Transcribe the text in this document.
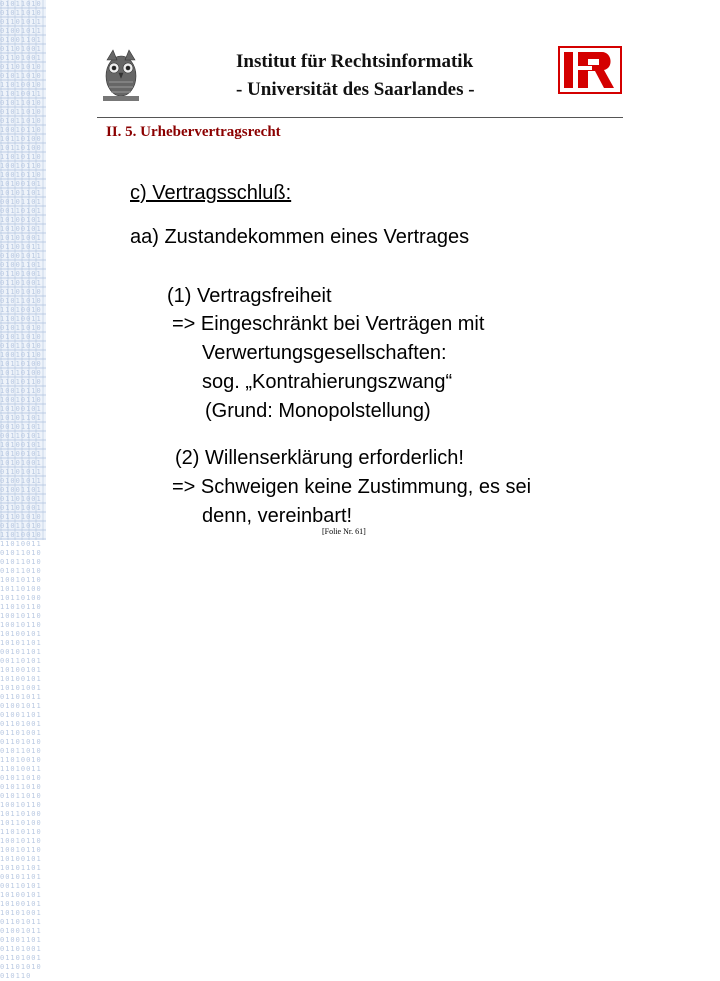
010110100101101001101011010010110100110101101001011010010110101001011010110100101101001101011010010110100101101010010110101101001011010011010110100101101001011010100101101011010010110100110101101001011010010110101001011010110100101101001101011010010110100101101010010110101101001011010011010110100101101001011010100101101011010010110100110101101001011010010110101001011010110100101101001101011010010110100101101010010110101101001011010011010110100101101001011010100101101011010010110100110101101001011010010110101001011010110100101101001101011010010110100101101010010110101101001011010011010110100101101001011010100101101011010010110100110101101001011010010110101001011010110100101101001101011010010110100101101010010110101101001011010011010110100101101001011010100101101011010010110100110101101001011010010110101001011010110100101101001101011010010110100101101010010110
Institut für Rechtsinformatik
- Universität des Saarlandes -
II. 5. Urhebervertragsrecht
c) Vertragsschluß:
aa) Zustandekommen eines Vertrages
(1) Vertragsfreiheit
=> Eingeschränkt bei Verträgen mit
Verwertungsgesellschaften:
sog. „Kontrahierungszwang“
(Grund: Monopolstellung)
(2) Willenserklärung erforderlich!
=> Schweigen keine Zustimmung, es sei
denn, vereinbart!
[Folie Nr. 61]
